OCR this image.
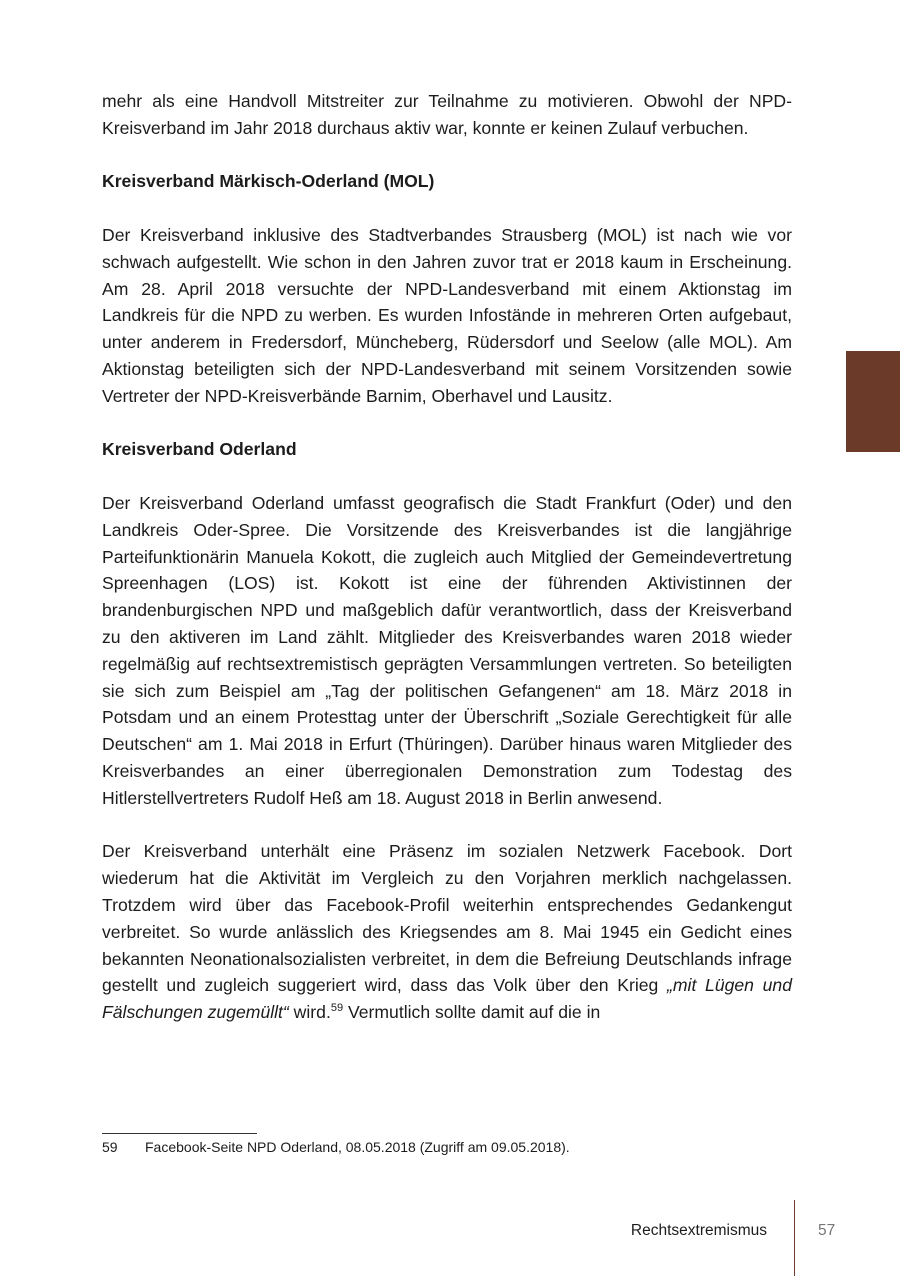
mehr als eine Handvoll Mitstreiter zur Teilnahme zu motivieren. Obwohl der NPD-Kreisverband im Jahr 2018 durchaus aktiv war, konnte er keinen Zulauf verbuchen.

Kreisverband Märkisch-Oderland (MOL)

Der Kreisverband inklusive des Stadtverbandes Strausberg (MOL) ist nach wie vor schwach aufgestellt. Wie schon in den Jahren zuvor trat er 2018 kaum in Erscheinung. Am 28. April 2018 versuchte der NPD-Landesverband mit einem Aktionstag im Landkreis für die NPD zu werben. Es wurden Infostände in mehreren Orten aufgebaut, unter anderem in Fredersdorf, Müncheberg, Rüdersdorf und Seelow (alle MOL). Am Aktionstag beteiligten sich der NPD-Landesverband mit seinem Vorsitzenden sowie Vertreter der NPD-Kreisverbände Barnim, Oberhavel und Lausitz.

Kreisverband Oderland

Der Kreisverband Oderland umfasst geografisch die Stadt Frankfurt (Oder) und den Landkreis Oder-Spree. Die Vorsitzende des Kreisverbandes ist die langjährige Parteifunktionärin Manuela Kokott, die zugleich auch Mitglied der Gemeindevertretung Spreenhagen (LOS) ist. Kokott ist eine der führenden Aktivistinnen der brandenburgischen NPD und maßgeblich dafür verantwortlich, dass der Kreisverband zu den aktiveren im Land zählt. Mitglieder des Kreisverbandes waren 2018 wieder regelmäßig auf rechtsextremistisch geprägten Versammlungen vertreten. So beteiligten sie sich zum Beispiel am „Tag der politischen Gefangenen“ am 18. März 2018 in Potsdam und an einem Protesttag unter der Überschrift „Soziale Gerechtigkeit für alle Deutschen“ am 1. Mai 2018 in Erfurt (Thüringen). Darüber hinaus waren Mitglieder des Kreisverbandes an einer überregionalen Demonstration zum Todestag des Hitlerstellvertreters Rudolf Heß am 18. August 2018 in Berlin anwesend.

Der Kreisverband unterhält eine Präsenz im sozialen Netzwerk Facebook. Dort wiederum hat die Aktivität im Vergleich zu den Vorjahren merklich nachgelassen. Trotzdem wird über das Facebook-Profil weiterhin entsprechendes Gedankengut verbreitet. So wurde anlässlich des Kriegsendes am 8. Mai 1945 ein Gedicht eines bekannten Neonationalsozialisten verbreitet, in dem die Befreiung Deutschlands infrage gestellt und zugleich suggeriert wird, dass das Volk über den Krieg „mit Lügen und Fälschungen zugemüllt“ wird.$^{59}$ Vermutlich sollte damit auf die in

59 Facebook-Seite NPD Oderland, 08.05.2018 (Zugriff am 09.05.2018).
Rechtsextremismus	57
